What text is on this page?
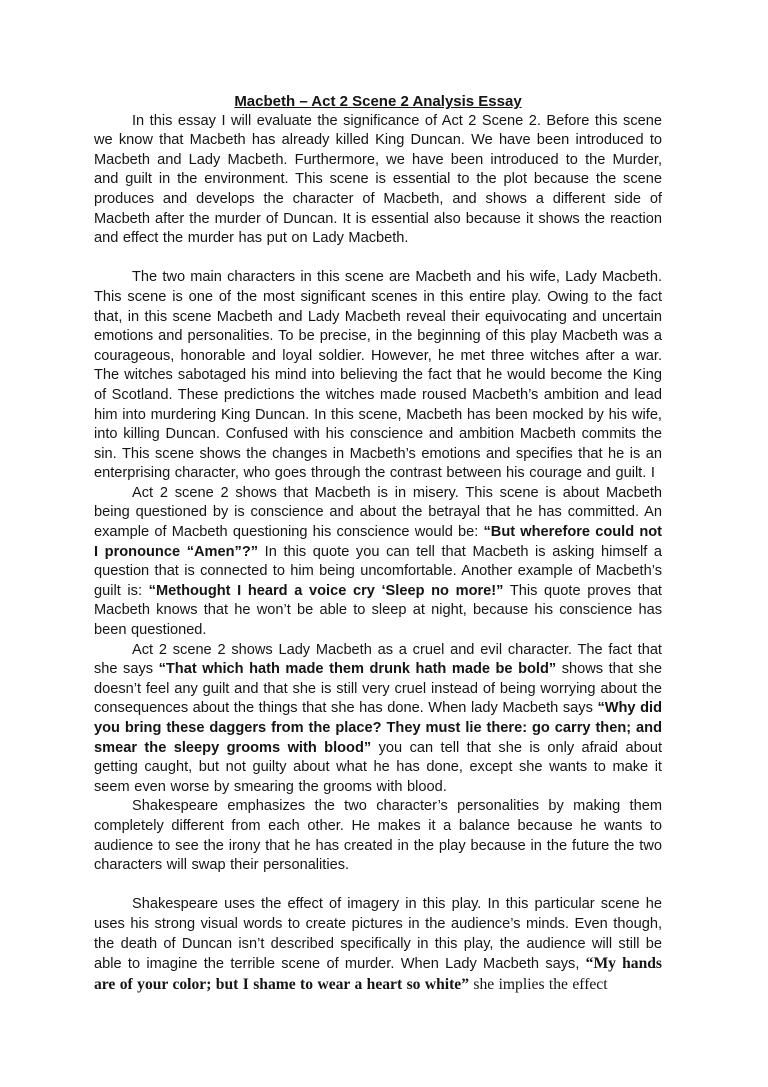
Macbeth – Act 2 Scene 2 Analysis Essay

In this essay I will evaluate the significance of Act 2 Scene 2. Before this scene we know that Macbeth has already killed King Duncan. We have been introduced to Macbeth and Lady Macbeth. Furthermore, we have been introduced to the Murder, and guilt in the environment. This scene is essential to the plot because the scene produces and develops the character of Macbeth, and shows a different side of Macbeth after the murder of Duncan. It is essential also because it shows the reaction and effect the murder has put on Lady Macbeth.

The two main characters in this scene are Macbeth and his wife, Lady Macbeth. This scene is one of the most significant scenes in this entire play. Owing to the fact that, in this scene Macbeth and Lady Macbeth reveal their equivocating and uncertain emotions and personalities. To be precise, in the beginning of this play Macbeth was a courageous, honorable and loyal soldier. However, he met three witches after a war. The witches sabotaged his mind into believing the fact that he would become the King of Scotland. These predictions the witches made roused Macbeth’s ambition and lead him into murdering King Duncan. In this scene, Macbeth has been mocked by his wife, into killing Duncan. Confused with his conscience and ambition Macbeth commits the sin. This scene shows the changes in Macbeth’s emotions and specifies that he is an enterprising character, who goes through the contrast between his courage and guilt. I

Act 2 scene 2 shows that Macbeth is in misery. This scene is about Macbeth being questioned by is conscience and about the betrayal that he has committed. An example of Macbeth questioning his conscience would be: “But wherefore could not I pronounce “Amen”?” In this quote you can tell that Macbeth is asking himself a question that is connected to him being uncomfortable. Another example of Macbeth’s guilt is: “Methought I heard a voice cry ‘Sleep no more!” This quote proves that Macbeth knows that he won’t be able to sleep at night, because his conscience has been questioned.

Act 2 scene 2 shows Lady Macbeth as a cruel and evil character. The fact that she says “That which hath made them drunk hath made be bold” shows that she doesn’t feel any guilt and that she is still very cruel instead of being worrying about the consequences about the things that she has done. When lady Macbeth says “Why did you bring these daggers from the place? They must lie there: go carry then; and smear the sleepy grooms with blood” you can tell that she is only afraid about getting caught, but not guilty about what he has done, except she wants to make it seem even worse by smearing the grooms with blood.

Shakespeare emphasizes the two character’s personalities by making them completely different from each other. He makes it a balance because he wants to audience to see the irony that he has created in the play because in the future the two characters will swap their personalities.

Shakespeare uses the effect of imagery in this play. In this particular scene he uses his strong visual words to create pictures in the audience’s minds. Even though, the death of Duncan isn’t described specifically in this play, the audience will still be able to imagine the terrible scene of murder. When Lady Macbeth says, “My hands are of your color; but I shame to wear a heart so white” she implies the effect
